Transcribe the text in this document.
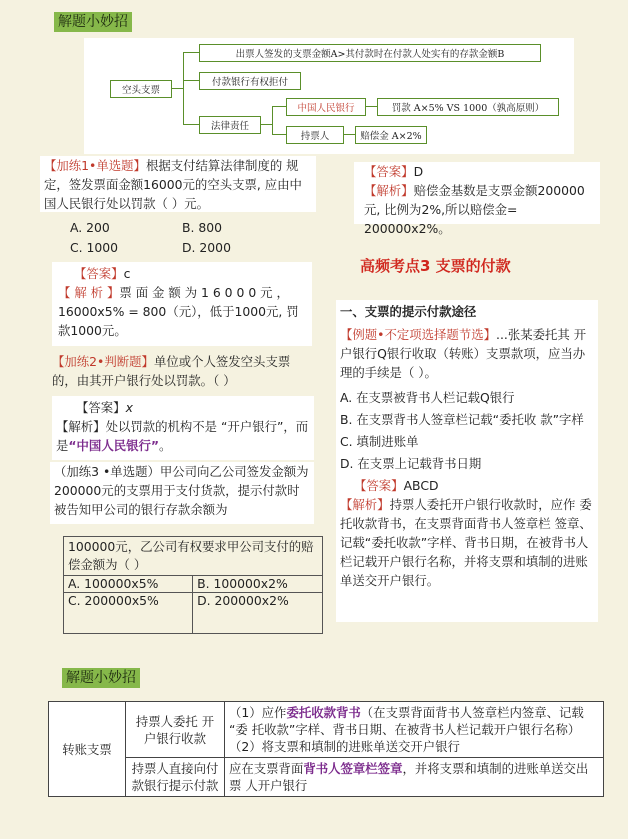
解题小妙招
空头支票
出票人签发的支票金额A>其付款时在付款人处实有的存款金额B
付款银行有权拒付
法律责任
中国人民银行
持票人
罚款 A×5% VS 1000（孰高原则）
赔偿金 A×2%

【加练1•单选题】根据支付结算法律制度的 规定，签发票面金额16000元的空头支票, 应由中国人民银行处以罚款（ ）元。

A. 200	B. 800
C. 1000	D. 2000

【答案】c

【 解 析 】票 面 金 额 为 1 6 0 0 0 元 ，16000x5% = 800（元），低于1000元, 罚款1000元。

【加练2•判断题】单位或个人签发空头支票的，由其开户银行处以罚款。（ ）

【答案】x

【解析】处以罚款的机构不是 “开户银行”，而是“中国人民银行”。

（加练3 •单选题）甲公司向乙公司签发金额为200000元的支票用于支付货款，提示付款时被告知甲公司的银行存款余额为

100000元，乙公司有权要求甲公司支付的赔偿金额为（ ）	
A. 100000x5%	B. 100000x2%
C. 200000x5%	D. 200000x2%

【答案】D

【解析】赔偿金基数是支票金额200000元, 比例为2%,所以赔偿金= 200000x2%。

高频考点3 支票的付款

一、支票的提示付款途径

【例题•不定项选择题节选】...张某委托其 开户银行Q银行收取（转账）支票款项，应当办理的手续是（ ）。

A. 在支票被背书人栏记载Q银行

B. 在支票背书人签章栏记载“委托收 款”字样

C. 填制进账单

D. 在支票上记载背书日期

【答案】ABCD

【解析】持票人委托开户银行收款时，应作 委托收款背书，在支票背面背书人签章栏 签章、记载“委托收款”字样、背书日期，在被背书人栏记载开户银行名称，并将支票和填制的进账单送交开户银行。

解题小妙招
转账支票	持票人委托 开户银行收款	（1）应作委托收款背书（在支票背面背书人签章栏内签章、记载 “委 托收款”字样、背书日期、在被背书人栏记载开户银行名称）
（2）将支票和填制的进账单送交开户银行

	持票人直接向付款银行提示付款	应在支票背面背书人签章栏签章，并将支票和填制的进账单送交出票 人开户银行
